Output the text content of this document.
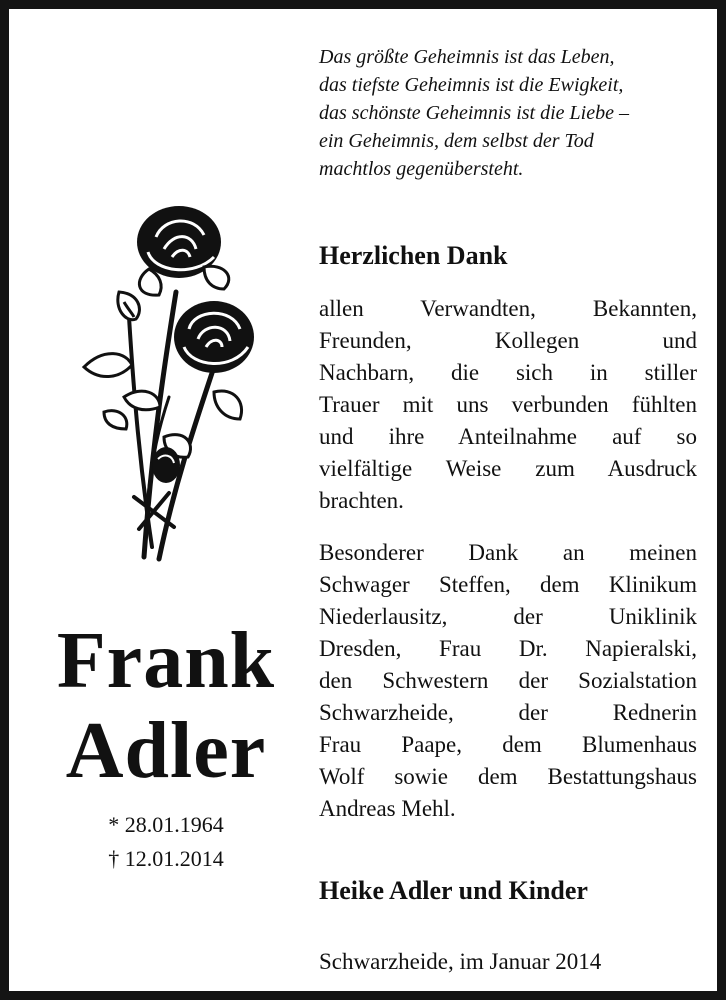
Frank
Adler
* 28.01.1964
† 12.01.2014
Das größte Geheimnis ist das Leben,
das tiefste Geheimnis ist die Ewigkeit,
das schönste Geheimnis ist die Liebe –
ein Geheimnis, dem selbst der Tod
machtlos gegenübersteht.
Herzlichen Dank
allen Verwandten, Bekannten,
Freunden, Kollegen und
Nachbarn, die sich in stiller
Trauer mit uns verbunden fühlten
und ihre Anteilnahme auf so
vielfältige Weise zum Ausdruck
brachten.
Besonderer Dank an meinen
Schwager Steffen, dem Klinikum
Niederlausitz, der Uniklinik
Dresden, Frau Dr. Napieralski,
den Schwestern der Sozialstation
Schwarzheide, der Rednerin
Frau Paape, dem Blumenhaus
Wolf sowie dem Bestattungshaus
Andreas Mehl.
Heike Adler und Kinder
Schwarzheide, im Januar 2014
